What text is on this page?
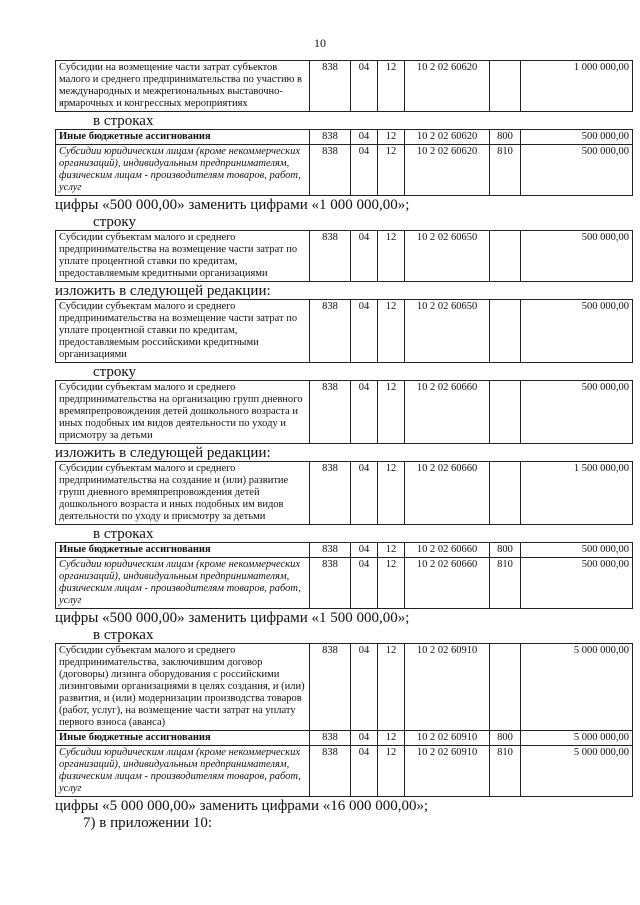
10
Субсидии на возмещение части затрат субъектов малого и среднего предпринимательства по участию в международных и межрегиональных выставочно-ярмарочных и конгрессных мероприятиях	838	04	12	10 2 02 60620		1 000 000,00
в строках
Иные бюджетные ассигнования	838	04	12	10 2 02 60620	800	500 000,00
Субсидии юридическим лицам (кроме некоммерческих организаций), индивидуальным предпринимателям, физическим лицам - производителям товаров, работ, услуг	838	04	12	10 2 02 60620	810	500 000,00
цифры «500 000,00» заменить цифрами «1 000 000,00»;
строку
Субсидии субъектам малого и среднего предпринимательства на возмещение части затрат по уплате процентной ставки по кредитам, предоставляемым кредитными организациями	838	04	12	10 2 02 60650		500 000,00
изложить в следующей редакции:
Субсидии субъектам малого и среднего предпринимательства на возмещение части затрат по уплате процентной ставки по кредитам, предоставляемым российскими кредитными организациями	838	04	12	10 2 02 60650		500 000,00
строку
Субсидии субъектам малого и среднего предпринимательства на организацию групп дневного времяпрепровождения детей дошкольного возраста и иных подобных им видов деятельности по уходу и присмотру за детьми	838	04	12	10 2 02 60660		500 000,00
изложить в следующей редакции:
Субсидии субъектам малого и среднего предпринимательства на создание и (или) развитие групп дневного времяпрепровождения детей дошкольного возраста и иных подобных им видов деятельности по уходу и присмотру за детьми	838	04	12	10 2 02 60660		1 500 000,00
в строках
Иные бюджетные ассигнования	838	04	12	10 2 02 60660	800	500 000,00
Субсидии юридическим лицам (кроме некоммерческих организаций), индивидуальным предпринимателям, физическим лицам - производителям товаров, работ, услуг	838	04	12	10 2 02 60660	810	500 000,00
цифры «500 000,00» заменить цифрами «1 500 000,00»;
в строках
Субсидии субъектам малого и среднего предпринимательства, заключившим договор (договоры) лизинга оборудования с российскими лизинговыми организациями в целях создания, и (или) развития, и (или) модернизации производства товаров (работ, услуг), на возмещение части затрат на уплату первого взноса (аванса)	838	04	12	10 2 02 60910		5 000 000,00
Иные бюджетные ассигнования	838	04	12	10 2 02 60910	800	5 000 000,00
Субсидии юридическим лицам (кроме некоммерческих организаций), индивидуальным предпринимателям, физическим лицам - производителям товаров, работ, услуг	838	04	12	10 2 02 60910	810	5 000 000,00
цифры «5 000 000,00» заменить цифрами «16 000 000,00»;
7) в приложении 10:
